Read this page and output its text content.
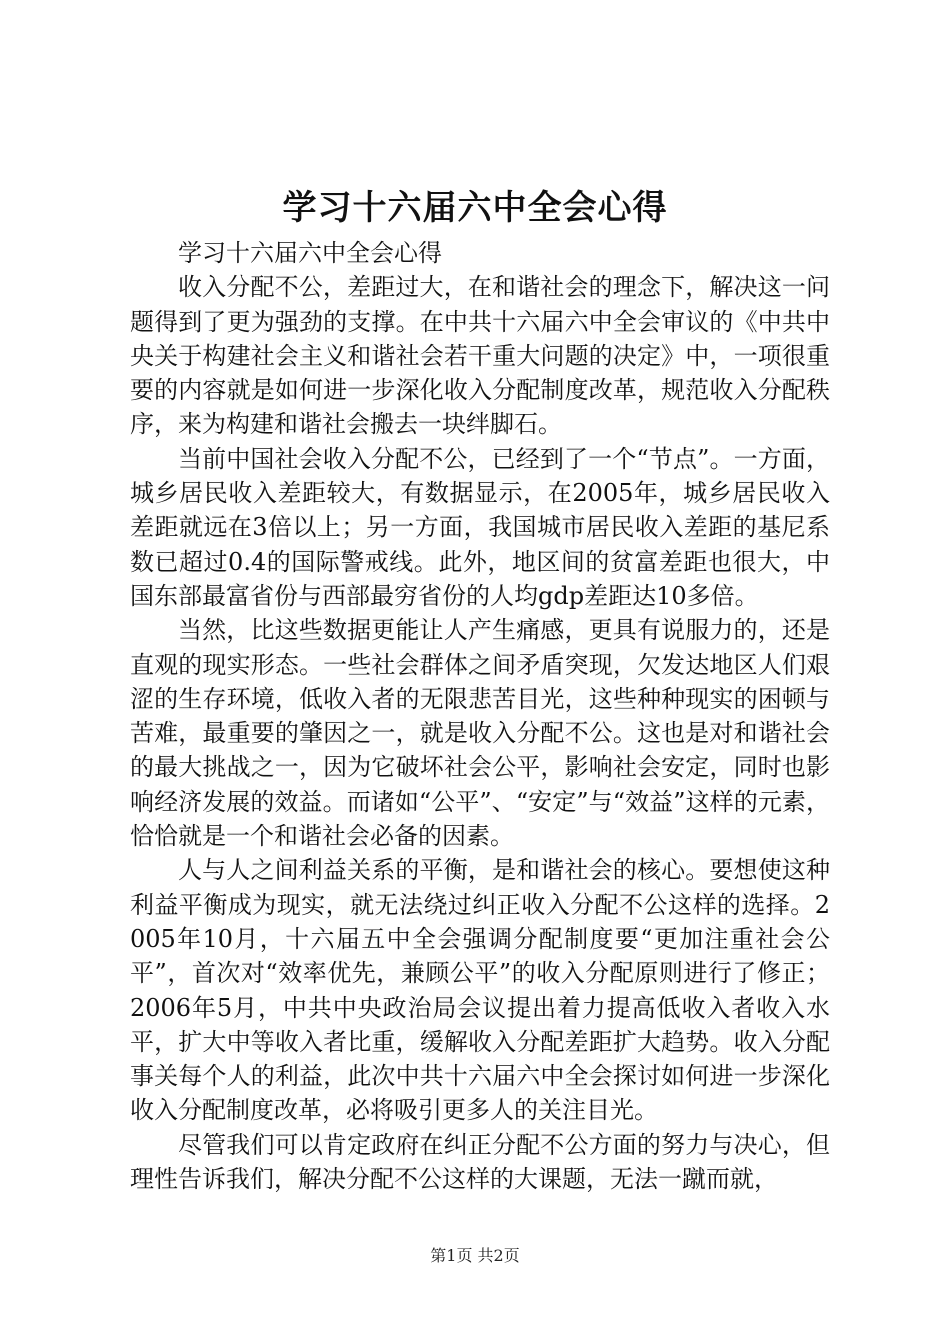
学习十六届六中全会心得

学习十六届六中全会心得

收入分配不公，差距过大，在和谐社会的理念下，解决这一问题得到了更为强劲的支撑。在中共十六届六中全会审议的《中共中央关于构建社会主义和谐社会若干重大问题的决定》中，一项很重要的内容就是如何进一步深化收入分配制度改革，规范收入分配秩序，来为构建和谐社会搬去一块绊脚石。

当前中国社会收入分配不公，已经到了一个“节点”。一方面，城乡居民收入差距较大，有数据显示，在2005年，城乡居民收入差距就远在3倍以上；另一方面，我国城市居民收入差距的基尼系数已超过0.4的国际警戒线。此外，地区间的贫富差距也很大，中国东部最富省份与西部最穷省份的人均gdp差距达10多倍。

当然，比这些数据更能让人产生痛感，更具有说服力的，还是直观的现实形态。一些社会群体之间矛盾突现，欠发达地区人们艰涩的生存环境，低收入者的无限悲苦目光，这些种种现实的困顿与苦难，最重要的肇因之一，就是收入分配不公。这也是对和谐社会的最大挑战之一，因为它破坏社会公平，影响社会安定，同时也影响经济发展的效益。而诸如“公平”、“安定”与“效益”这样的元素，恰恰就是一个和谐社会必备的因素。

人与人之间利益关系的平衡，是和谐社会的核心。要想使这种利益平衡成为现实，就无法绕过纠正收入分配不公这样的选择。2005年10月，十六届五中全会强调分配制度要“更加注重社会公平”，首次对“效率优先，兼顾公平”的收入分配原则进行了修正；2006年5月，中共中央政治局会议提出着力提高低收入者收入水平，扩大中等收入者比重，缓解收入分配差距扩大趋势。收入分配事关每个人的利益，此次中共十六届六中全会探讨如何进一步深化收入分配制度改革，必将吸引更多人的关注目光。

尽管我们可以肯定政府在纠正分配不公方面的努力与决心，但理性告诉我们，解决分配不公这样的大课题，无法一蹴而就，

第1页 共2页
